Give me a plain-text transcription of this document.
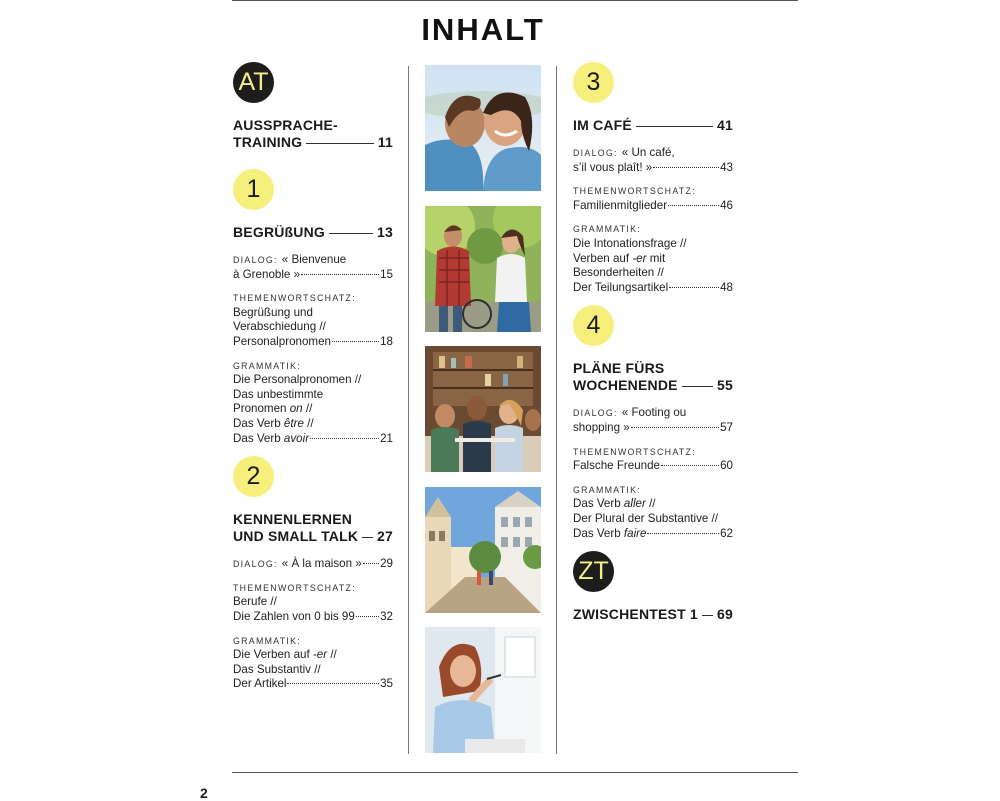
INHALT
AT
AUSSPRACHE-
TRAINING	11
1
BEGRÜßUNG	13
DIALOG: « Bienvenue
à Grenoble »	15
THEMENWORTSCHATZ:
Begrüßung und
Verabschiedung //
Personalpronomen	18
GRAMMATIK:
Die Personalpronomen //
Das unbestimmte
Pronomen on //
Das Verb être //
Das Verb avoir	21
2
KENNENLERNEN
UND SMALL TALK 27
DIALOG: « À la maison » 29
THEMENWORTSCHATZ:
Berufe //
Die Zahlen von 0 bis 99 32
GRAMMATIK:
Die Verben auf -er //
Das Substantiv //
Der Artikel	35
3
IM CAFÉ	41
DIALOG: « Un café,
s’il vous plaît! »	43
THEMENWORTSCHATZ:
Familienmitglieder	46
GRAMMATIK:
Die Intonationsfrage //
Verben auf -er mit
Besonderheiten //
Der Teilungsartikel	48
4
PLÄNE FÜRS
WOCHENENDE	55
DIALOG: « Footing ou
shopping »	57
THEMENWORTSCHATZ:
Falsche Freunde	60
GRAMMATIK:
Das Verb aller //
Der Plural der Substantive //
Das Verb faire	62
ZT
ZWISCHENTEST 1 69
2
